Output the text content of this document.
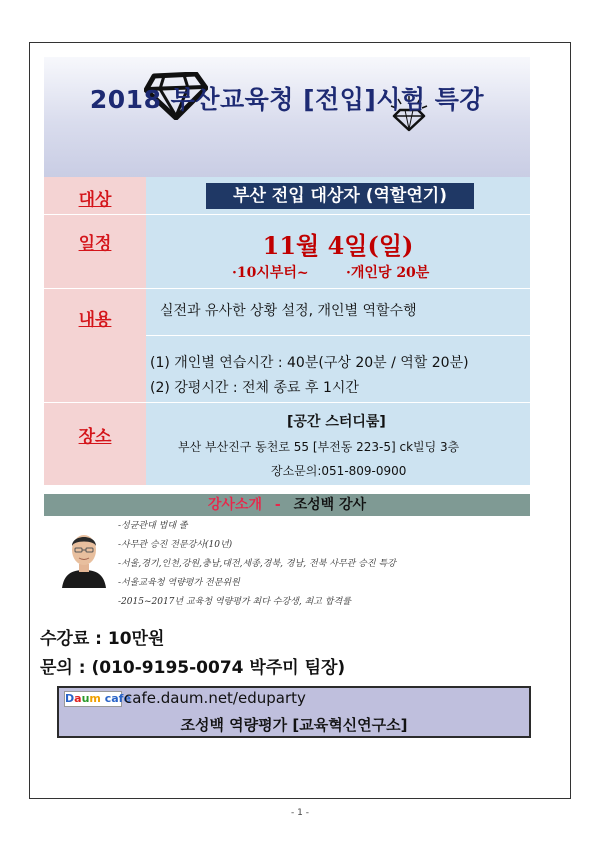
2018 부산교육청 [전입]시험 특강
대상
일정
내용
장소
부산 전입 대상자 (역할연기)
11월 4일(일)
·10시부터~	·개인당 20분
실전과 유사한 상황 설정, 개인별 역할수행
(1) 개인별 연습시간 : 40분(구상 20분 / 역할 20분)
(2) 강평시간 : 전체 종료 후 1시간
[공간 스터디룸]
부산 부산진구 동천로 55 [부전동 223-5] ck빌딩 3층
장소문의:051-809-0900
강사소개 - 조성백 강사
-성균관대 법대 졸
-사무관 승진 전문강사(10년)
-서울,경기,인천,강원,충남,대전,세종,경북, 경남, 전북 사무관 승진 특강
-서울교육청 역량평가 전문위원
-2015~2017년 교육청 역량평가 최다 수강생, 최고 합격률
수강료 : 10만원
문의 : (010-9195-0074 박주미 팀장)
Daum cafe
cafe.daum.net/eduparty
조성백 역량평가 [교육혁신연구소]
- 1 -
